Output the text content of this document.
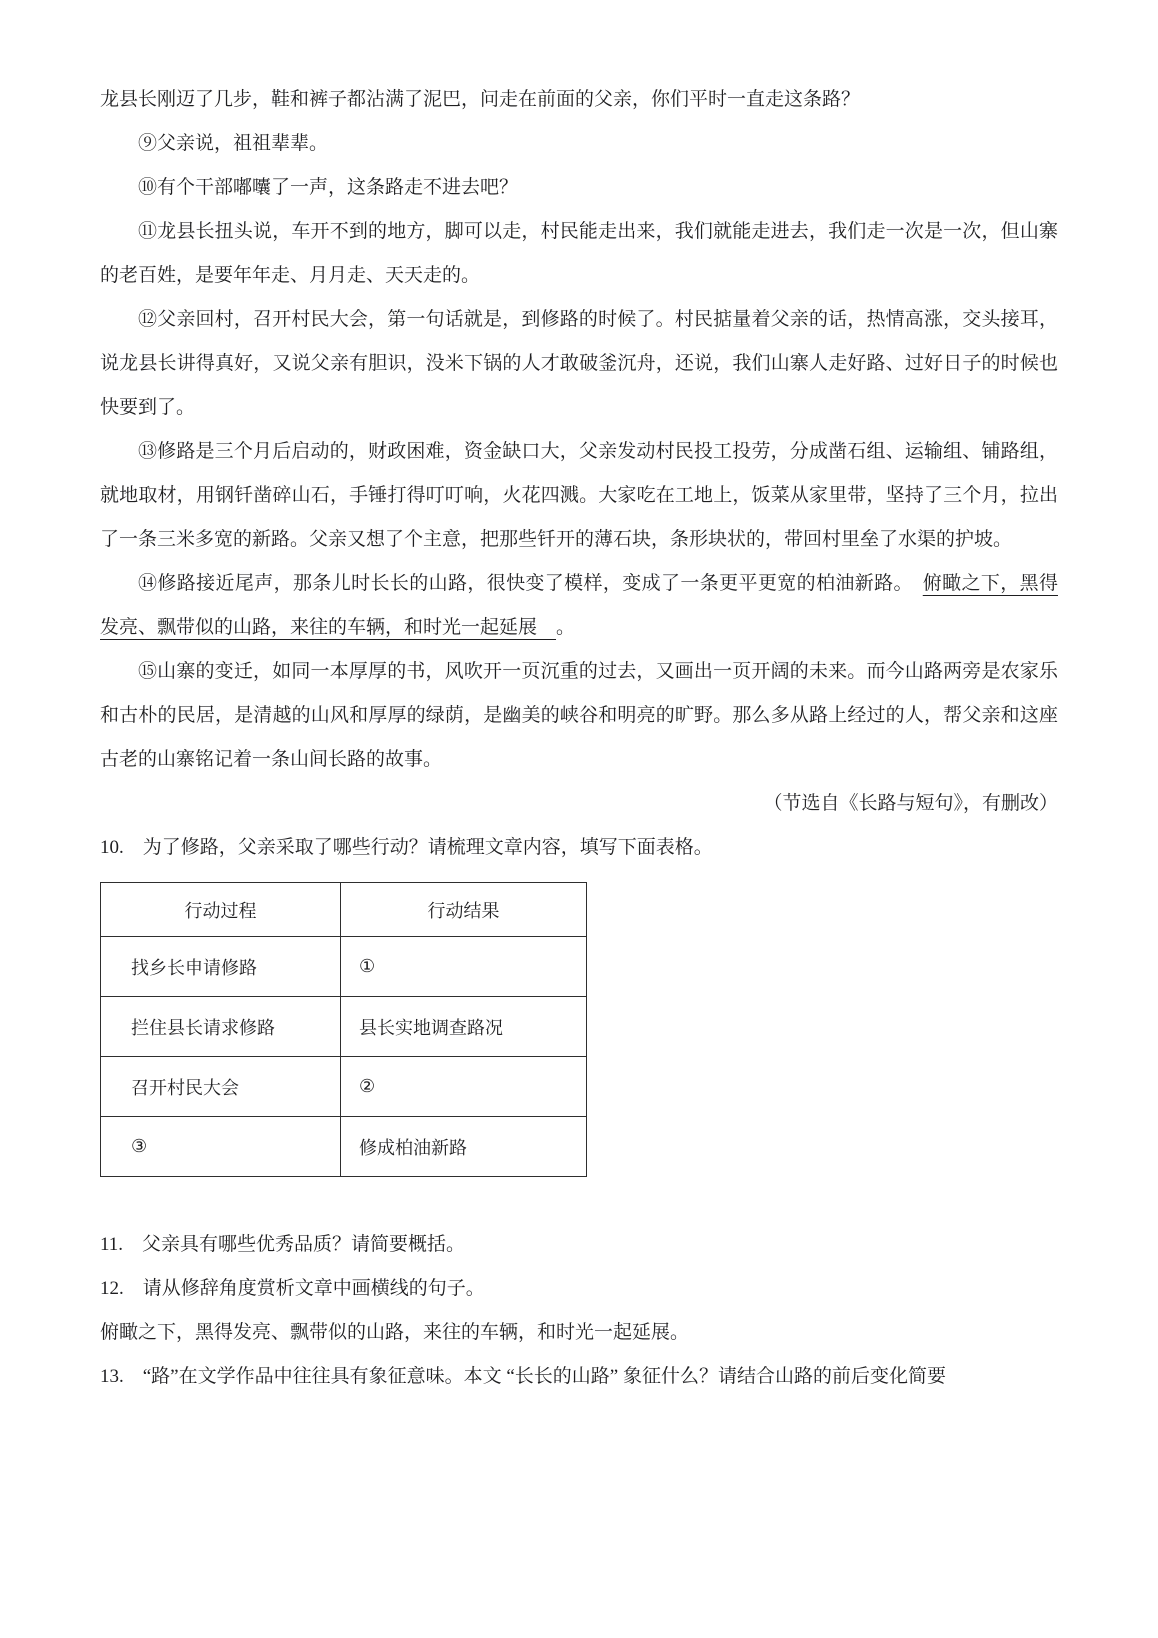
龙县长刚迈了几步，鞋和裤子都沾满了泥巴，问走在前面的父亲，你们平时一直走这条路？

⑨父亲说，祖祖辈辈。

⑩有个干部嘟囔了一声，这条路走不进去吧？

⑪龙县长扭头说，车开不到的地方，脚可以走，村民能走出来，我们就能走进去，我们走一次是一次，但山寨的老百姓，是要年年走、月月走、天天走的。

⑫父亲回村，召开村民大会，第一句话就是，到修路的时候了。村民掂量着父亲的话，热情高涨，交头接耳，说龙县长讲得真好，又说父亲有胆识，没米下锅的人才敢破釜沉舟，还说，我们山寨人走好路、过好日子的时候也快要到了。

⑬修路是三个月后启动的，财政困难，资金缺口大，父亲发动村民投工投劳，分成凿石组、运输组、铺路组，就地取材，用钢钎凿碎山石，手锤打得叮叮响，火花四溅。大家吃在工地上，饭菜从家里带，坚持了三个月，拉出了一条三米多宽的新路。父亲又想了个主意，把那些钎开的薄石块，条形块状的，带回村里垒了水渠的护坡。

⑭修路接近尾声，那条儿时长长的山路，很快变了模样，变成了一条更平更宽的柏油新路。　俯瞰之下，黑得发亮、飘带似的山路，来往的车辆，和时光一起延展　。

⑮山寨的变迁，如同一本厚厚的书，风吹开一页沉重的过去，又画出一页开阔的未来。而今山路两旁是农家乐和古朴的民居，是清越的山风和厚厚的绿荫，是幽美的峡谷和明亮的旷野。那么多从路上经过的人，帮父亲和这座古老的山寨铭记着一条山间长路的故事。

（节选自《长路与短句》，有删改）

10.　为了修路，父亲采取了哪些行动？请梳理文章内容，填写下面表格。

行动过程	行动结果
找乡长申请修路	①
拦住县长请求修路	县长实地调查路况
召开村民大会	②
③	修成柏油新路

11.　父亲具有哪些优秀品质？请简要概括。

12.　请从修辞角度赏析文章中画横线的句子。

俯瞰之下，黑得发亮、飘带似的山路，来往的车辆，和时光一起延展。

13.　“路”在文学作品中往往具有象征意味。本文 “长长的山路” 象征什么？请结合山路的前后变化简要
